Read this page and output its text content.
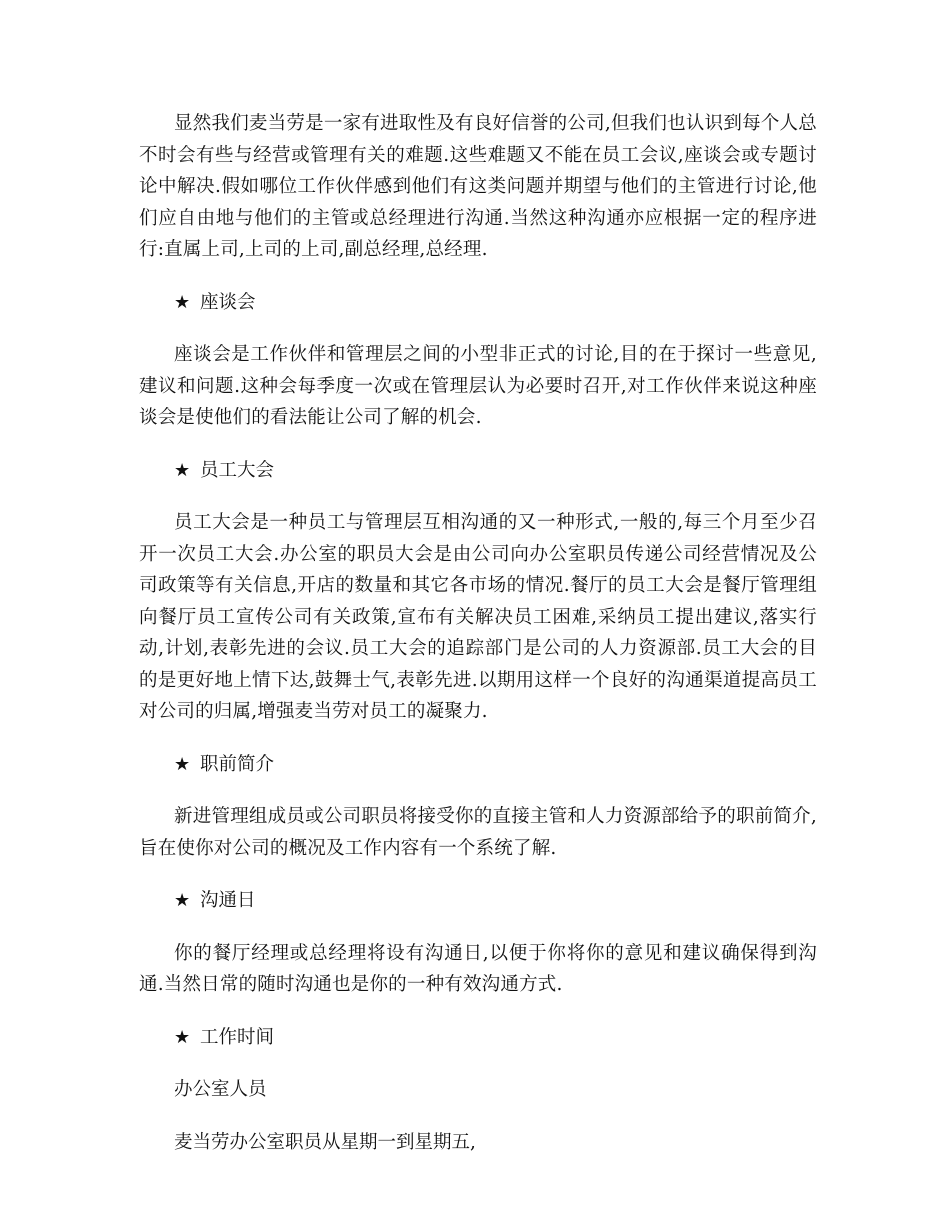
显然我们麦当劳是一家有进取性及有良好信誉的公司,但我们也认识到每个人总不时会有些与经营或管理有关的难题.这些难题又不能在员工会议,座谈会或专题讨论中解决.假如哪位工作伙伴感到他们有这类问题并期望与他们的主管进行讨论,他们应自由地与他们的主管或总经理进行沟通.当然这种沟通亦应根据一定的程序进行:直属上司,上司的上司,副总经理,总经理.

★ 座谈会

座谈会是工作伙伴和管理层之间的小型非正式的讨论,目的在于探讨一些意见,建议和问题.这种会每季度一次或在管理层认为必要时召开,对工作伙伴来说这种座谈会是使他们的看法能让公司了解的机会.

★ 员工大会

员工大会是一种员工与管理层互相沟通的又一种形式,一般的,每三个月至少召开一次员工大会.办公室的职员大会是由公司向办公室职员传递公司经营情况及公司政策等有关信息,开店的数量和其它各市场的情况.餐厅的员工大会是餐厅管理组向餐厅员工宣传公司有关政策,宣布有关解决员工困难,采纳员工提出建议,落实行动,计划,表彰先进的会议.员工大会的追踪部门是公司的人力资源部.员工大会的目的是更好地上情下达,鼓舞士气,表彰先进.以期用这样一个良好的沟通渠道提高员工对公司的归属,增强麦当劳对员工的凝聚力.

★ 职前简介

新进管理组成员或公司职员将接受你的直接主管和人力资源部给予的职前简介,旨在使你对公司的概况及工作内容有一个系统了解.

★ 沟通日

你的餐厅经理或总经理将设有沟通日,以便于你将你的意见和建议确保得到沟通.当然日常的随时沟通也是你的一种有效沟通方式.

★ 工作时间
办公室人员
麦当劳办公室职员从星期一到星期五,
